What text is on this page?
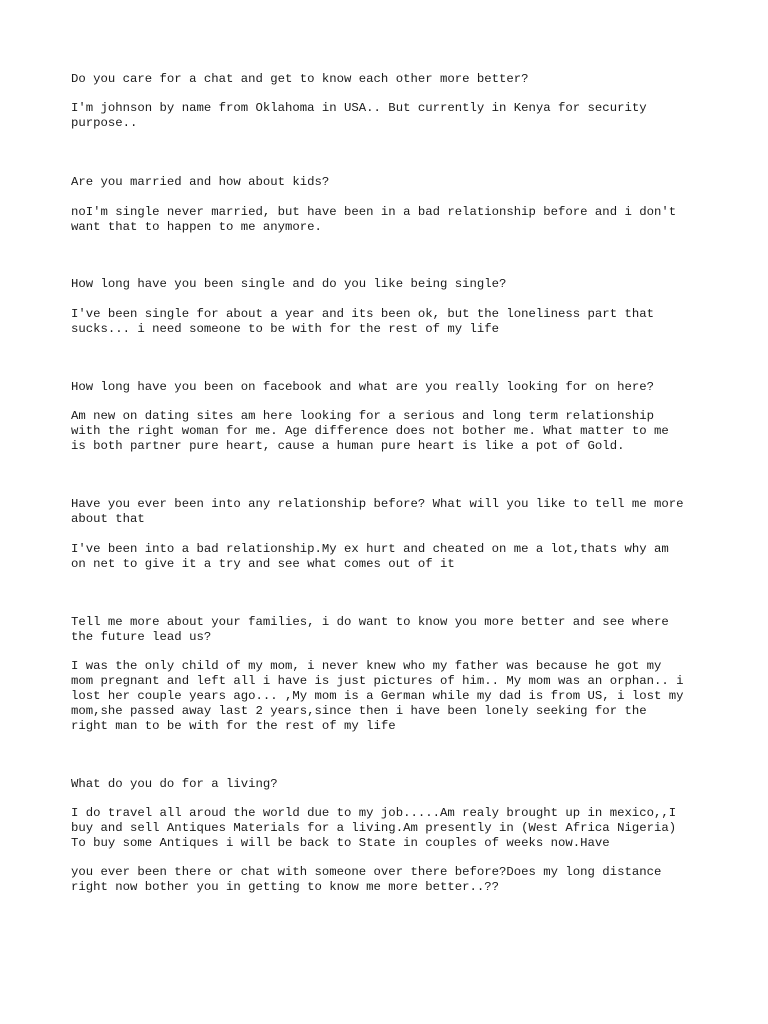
Do you care for a chat and get to know each other more better?

I'm johnson by name from Oklahoma in USA.. But currently in Kenya for security
purpose..

Are you married and how about kids?

noI'm single never married, but have been in a bad relationship before and i don't
want that to happen to me anymore.

How long have you been single and do you like being single?

I've been single for about a year and its been ok, but the loneliness part that
sucks... i need someone to be with for the rest of my life

How long have you been on facebook and what are you really looking for on here?

Am new on dating sites am here looking for a serious and long term relationship
with the right woman for me. Age difference does not bother me. What matter to me
is both partner pure heart, cause a human pure heart is like a pot of Gold.

Have you ever been into any relationship before? What will you like to tell me more
about that

I've been into a bad relationship.My ex hurt and cheated on me a lot,thats why am
on net to give it a try and see what comes out of it

Tell me more about your families, i do want to know you more better and see where
the future lead us?

I was the only child of my mom, i never knew who my father was because he got my
mom pregnant and left all i have is just pictures of him.. My mom was an orphan.. i
lost her couple years ago... ,My mom is a German while my dad is from US, i lost my
mom,she passed away last 2 years,since then i have been lonely seeking for the
right man to be with for the rest of my life

What do you do for a living?

I do travel all aroud the world due to my job.....Am realy brought up in mexico,,I
buy and sell Antiques Materials for a living.Am presently in (West Africa Nigeria)
To buy some Antiques i will be back to State in couples of weeks now.Have

you ever been there or chat with someone over there before?Does my long distance
right now bother you in getting to know me more better..??
